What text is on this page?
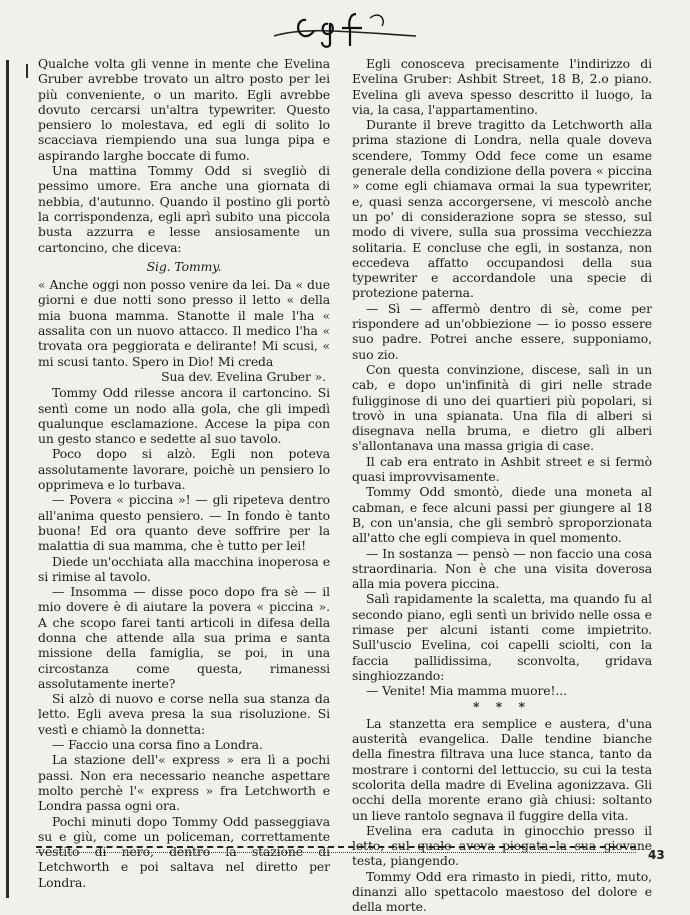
Qualche volta gli venne in mente che Evelina Gruber avrebbe trovato un altro posto per lei più conveniente, o un marito. Egli avrebbe dovuto cercarsi un'altra typewriter. Questo pensiero lo molestava, ed egli di solito lo scacciava riempiendo una sua lunga pipa e aspirando larghe boccate di fumo.

Una mattina Tommy Odd si svegliò di pessimo umore. Era anche una giornata di nebbia, d'autunno. Quando il postino gli portò la corrispondenza, egli aprì subito una piccola busta azzurra e lesse ansiosamente un cartoncino, che diceva:

Sig. Tommy.

« Anche oggi non posso venire da lei. Da « due giorni e due notti sono presso il letto « della mia buona mamma. Stanotte il male l'ha « assalita con un nuovo attacco. Il medico l'ha « trovata ora peggiorata e delirante! Mi scusi, « mi scusi tanto. Spero in Dio! Mi creda

Sua dev. Evelina Gruber ».

Tommy Odd rilesse ancora il cartoncino. Si sentì come un nodo alla gola, che gli impedì qualunque esclamazione. Accese la pipa con un gesto stanco e sedette al suo tavolo.

Poco dopo si alzò. Egli non poteva assolutamente lavorare, poichè un pensiero lo opprimeva e lo turbava.

— Povera « piccina »! — gli ripeteva dentro all'anima questo pensiero. — In fondo è tanto buona! Ed ora quanto deve soffrire per la malattia di sua mamma, che è tutto per lei!

Diede un'occhiata alla macchina inoperosa e si rimise al tavolo.

— Insomma — disse poco dopo fra sè — il mio dovere è di aiutare la povera « piccina ». A che scopo farei tanti articoli in difesa della donna che attende alla sua prima e santa missione della famiglia, se poi, in una circostanza come questa, rimanessi assolutamente inerte?

Si alzò di nuovo e corse nella sua stanza da letto. Egli aveva presa la sua risoluzione. Si vestì e chiamò la donnetta:

— Faccio una corsa fino a Londra.

La stazione dell'« express » era lì a pochi passi. Non era necessario neanche aspettare molto perchè l'« express » fra Letchworth e Londra passa ogni ora.

Pochi minuti dopo Tommy Odd passeggiava su e giù, come un policeman, correttamente vestito di nero, dentro la stazione di Letchworth e poi saltava nel diretto per Londra.

Egli conosceva precisamente l'indirizzo di Evelina Gruber: Ashbit Street, 18 B, 2.o piano. Evelina gli aveva spesso descritto il luogo, la via, la casa, l'appartamentino.

Durante il breve tragitto da Letchworth alla prima stazione di Londra, nella quale doveva scendere, Tommy Odd fece come un esame generale della condizione della povera « piccina » come egli chiamava ormai la sua typewriter, e, quasi senza accorgersene, vi mescolò anche un po' di considerazione sopra se stesso, sul modo di vivere, sulla sua prossima vecchiezza solitaria. E concluse che egli, in sostanza, non eccedeva affatto occupandosi della sua typewriter e accordandole una specie di protezione paterna.

— Sì — affermò dentro di sè, come per rispondere ad un'obbiezione — io posso essere suo padre. Potrei anche essere, supponiamo, suo zio.

Con questa convinzione, discese, salì in un cab, e dopo un'infinità di giri nelle strade fuligginose di uno dei quartieri più popolari, si trovò in una spianata. Una fila di alberi si disegnava nella bruma, e dietro gli alberi s'allontanava una massa grigia di case.

Il cab era entrato in Ashbit street e si fermò quasi improvvisamente.

Tommy Odd smontò, diede una moneta al cabman, e fece alcuni passi per giungere al 18 B, con un'ansia, che gli sembrò sproporzionata all'atto che egli compieva in quel momento.

— In sostanza — pensò — non faccio una cosa straordinaria. Non è che una visita doverosa alla mia povera piccina.

Salì rapidamente la scaletta, ma quando fu al secondo piano, egli sentì un brivido nelle ossa e rimase per alcuni istanti come impietrito. Sull'uscio Evelina, coi capelli sciolti, con la faccia pallidissima, sconvolta, gridava singhiozzando:

— Venite! Mia mamma muore!...

* * *

La stanzetta era semplice e austera, d'una austerità evangelica. Dalle tendine bianche della finestra filtrava una luce stanca, tanto da mostrare i contorni del lettuccio, su cui la testa scolorita della madre di Evelina agonizzava. Gli occhi della morente erano già chiusi: soltanto un lieve rantolo segnava il fuggire della vita.

Evelina era caduta in ginocchio presso il letto, sul quale aveva piegata la sua giovane testa, piangendo.

Tommy Odd era rimasto in piedi, ritto, muto, dinanzi allo spettacolo maestoso del dolore e della morte.

43
